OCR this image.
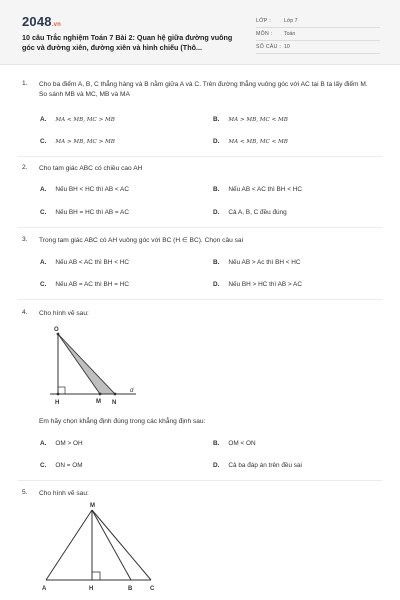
2048.vn
10 câu Trắc nghiệm Toán 7 Bài 2: Quan hệ giữa đường vuông góc và đường xiên, đường xiên và hình chiếu (Thô...
LỚP : Lớp 7
MÔN : Toán
SỐ CÂU : 10
1. Cho ba điểm A, B, C thẳng hàng và B nằm giữa A và C. Trên đường thẳng vuông góc với AC tại B ta lấy điểm M. So sánh MB và MC, MB và MA
A. MA < MB, MC > MB	B. MA > MB, MC < MB
C. MA > MB, MC > MB	D. MA < MB, MC < MB
2. Cho tam giác ABC có chiều cao AH
A. Nếu BH < HC thì AB < AC	B. Nếu AB < AC thì BH < HC
C. Nếu BH = HC thì AB = AC	D. Cả A, B, C đều đúng
3. Trong tam giác ABC có AH vuông góc với BC (H ∈ BC). Chọn câu sai
A. Nếu AB < AC thì BH < HC	B. Nếu AB > Ac thì BH < HC
C. Nếu AB = AC thì BH = HC	D. Nếu BH > HC thì AB > AC
4. Cho hình vẽ sau:
O
H	M N
d
Em hãy chọn khẳng định đúng trong các khẳng định sau:
A. OM > OH	B. OM < ON
C. ON = OM	D. Cả ba đáp án trên đều sai
5. Cho hình vẽ sau:
M
A	H	B	C
